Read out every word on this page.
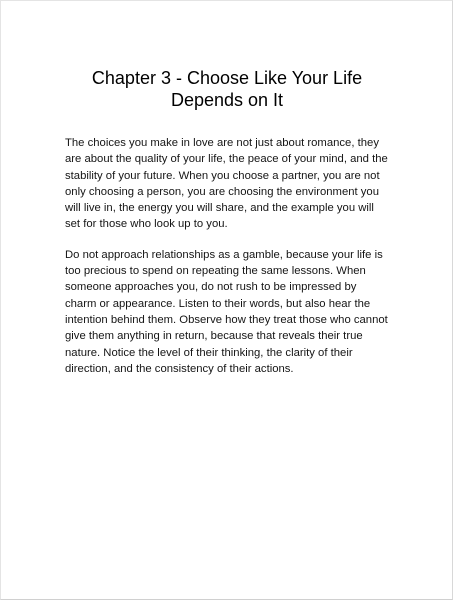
Chapter 3 - Choose Like Your Life Depends on It

The choices you make in love are not just about romance, they are about the quality of your life, the peace of your mind, and the stability of your future. When you choose a partner, you are not only choosing a person, you are choosing the environment you will live in, the energy you will share, and the example you will set for those who look up to you.

Do not approach relationships as a gamble, because your life is too precious to spend on repeating the same lessons. When someone approaches you, do not rush to be impressed by charm or appearance. Listen to their words, but also hear the intention behind them. Observe how they treat those who cannot give them anything in return, because that reveals their true nature. Notice the level of their thinking, the clarity of their direction, and the consistency of their actions.
